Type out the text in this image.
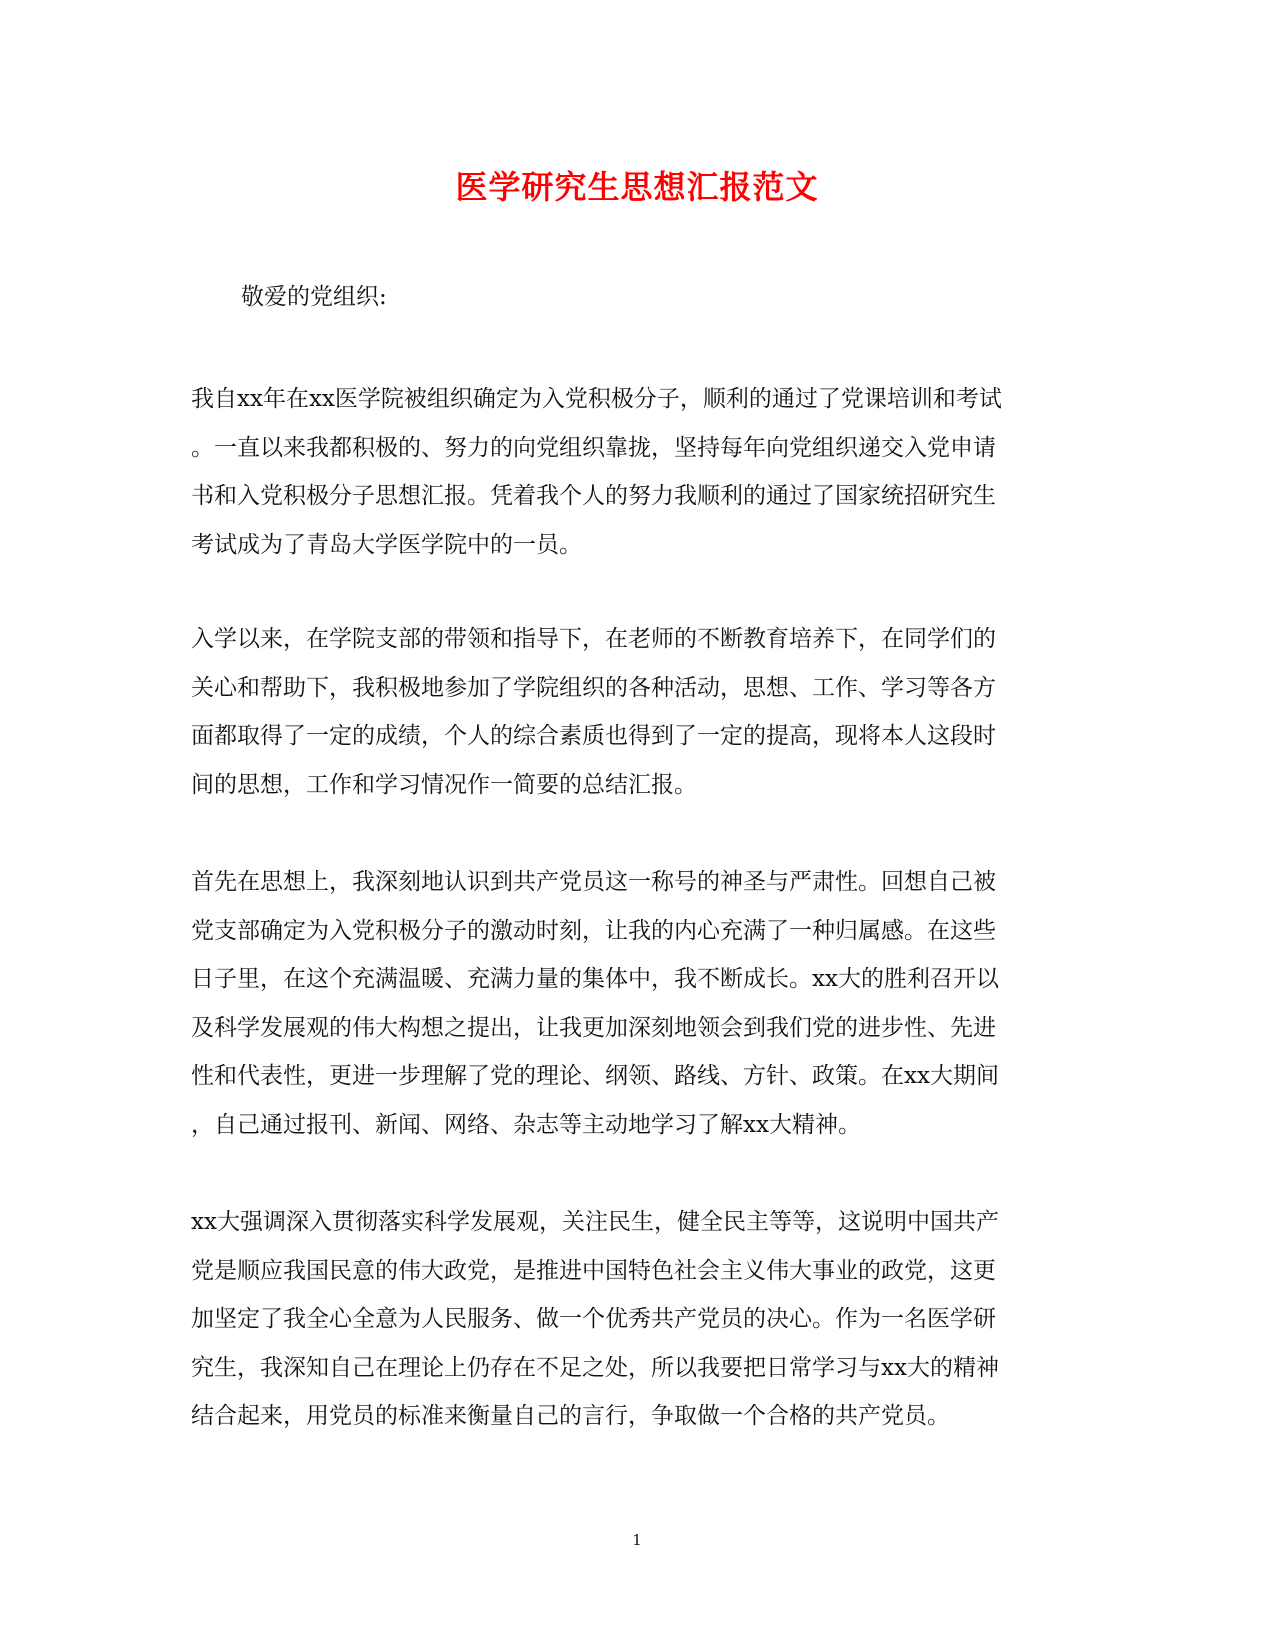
医学研究生思想汇报范文
敬爱的党组织:
我自xx年在xx医学院被组织确定为入党积极分子，顺利的通过了党课培训和考试
。一直以来我都积极的、努力的向党组织靠拢，坚持每年向党组织递交入党申请
书和入党积极分子思想汇报。凭着我个人的努力我顺利的通过了国家统招研究生
考试成为了青岛大学医学院中的一员。
入学以来，在学院支部的带领和指导下，在老师的不断教育培养下，在同学们的
关心和帮助下，我积极地参加了学院组织的各种活动，思想、工作、学习等各方
面都取得了一定的成绩，个人的综合素质也得到了一定的提高，现将本人这段时
间的思想，工作和学习情况作一简要的总结汇报。
首先在思想上，我深刻地认识到共产党员这一称号的神圣与严肃性。回想自己被
党支部确定为入党积极分子的激动时刻，让我的内心充满了一种归属感。在这些
日子里，在这个充满温暖、充满力量的集体中，我不断成长。xx大的胜利召开以
及科学发展观的伟大构想之提出，让我更加深刻地领会到我们党的进步性、先进
性和代表性，更进一步理解了党的理论、纲领、路线、方针、政策。在xx大期间
，自己通过报刊、新闻、网络、杂志等主动地学习了解xx大精神。
xx大强调深入贯彻落实科学发展观，关注民生，健全民主等等，这说明中国共产
党是顺应我国民意的伟大政党，是推进中国特色社会主义伟大事业的政党，这更
加坚定了我全心全意为人民服务、做一个优秀共产党员的决心。作为一名医学研
究生，我深知自己在理论上仍存在不足之处，所以我要把日常学习与xx大的精神
结合起来，用党员的标准来衡量自己的言行，争取做一个合格的共产党员。
1
